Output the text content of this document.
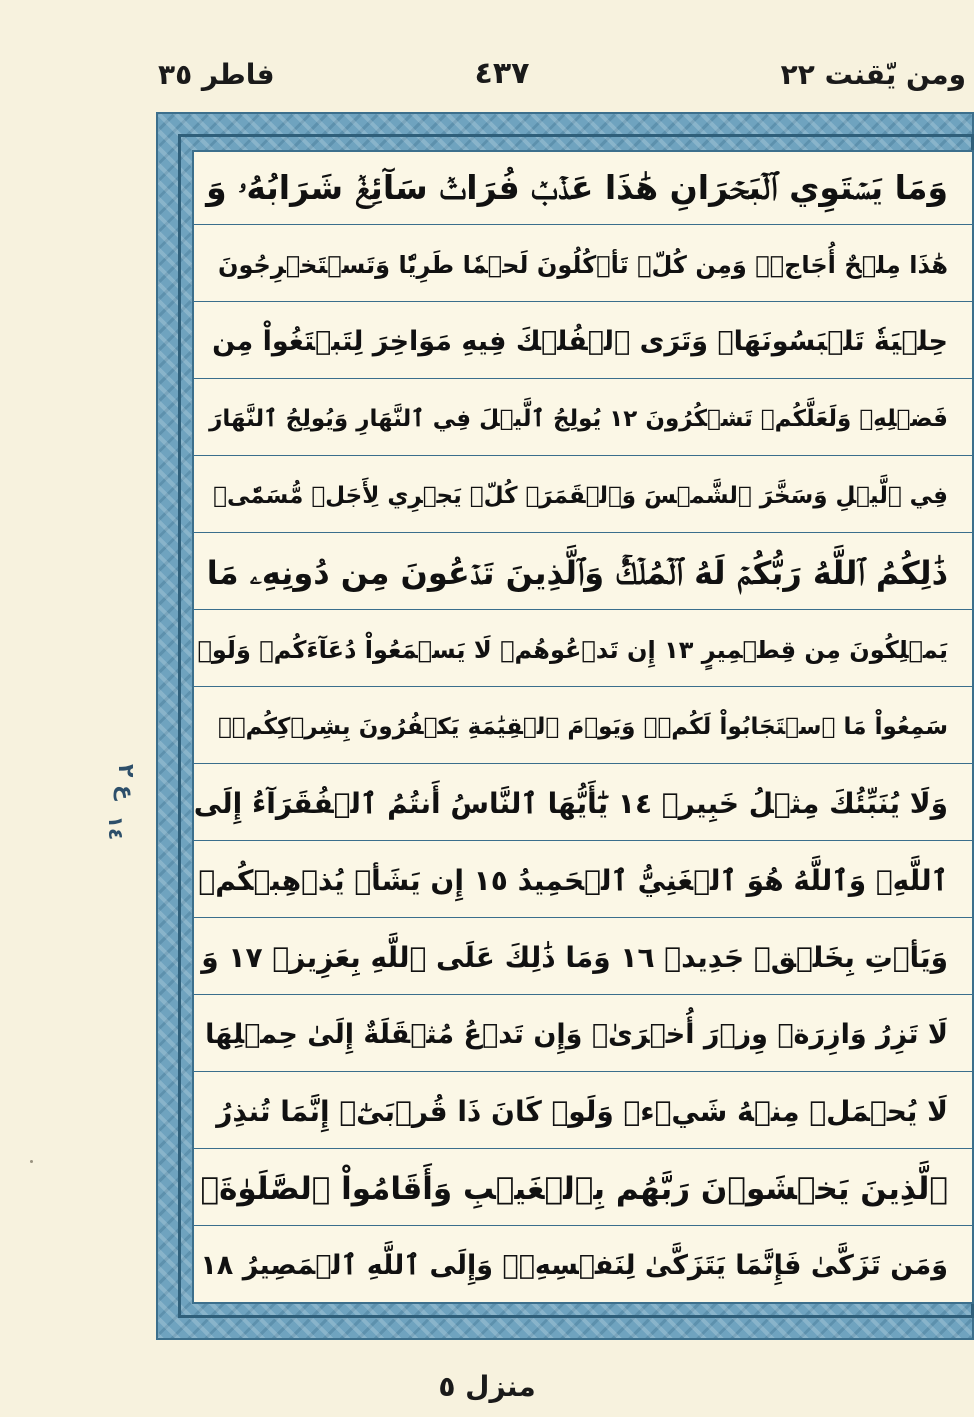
ومن يّقنت ٢٢
٤٣٧
فاطر ٣٥
وَمَا يَسۡتَوِي ٱلۡبَحۡرَانِ هَٰذَا عَذۡبٞ فُرَاتٞ سَآئِغٞ شَرَابُهُۥ وَ
هَٰذَا مِلۡحٌ أُجَاجٞۖ وَمِن كُلّٖ تَأۡكُلُونَ لَحۡمٗا طَرِيّٗا وَتَسۡتَخۡرِجُونَ
حِلۡيَةٗ تَلۡبَسُونَهَاۖ وَتَرَى ٱلۡفُلۡكَ فِيهِ مَوَاخِرَ لِتَبۡتَغُواْ مِن
فَضۡلِهِۦ وَلَعَلَّكُمۡ تَشۡكُرُونَ ١٢ يُولِجُ ٱلَّيۡلَ فِي ٱلنَّهَارِ وَيُولِجُ ٱلنَّهَارَ
فِي ٱلَّيۡلِ وَسَخَّرَ ٱلشَّمۡسَ وَٱلۡقَمَرَۖ كُلّٞ يَجۡرِي لِأَجَلٖ مُّسَمّٗىۚ
ذَٰلِكُمُ ٱللَّهُ رَبُّكُمۡ لَهُ ٱلۡمُلۡكُۚ وَٱلَّذِينَ تَدۡعُونَ مِن دُونِهِۦ مَا
يَمۡلِكُونَ مِن قِطۡمِيرٍ ١٣ إِن تَدۡعُوهُمۡ لَا يَسۡمَعُواْ دُعَآءَكُمۡ وَلَوۡ
سَمِعُواْ مَا ٱسۡتَجَابُواْ لَكُمۡۖ وَيَوۡمَ ٱلۡقِيَٰمَةِ يَكۡفُرُونَ بِشِرۡكِكُمۡۚ
وَلَا يُنَبِّئُكَ مِثۡلُ خَبِيرٖ ١٤ يَٰٓأَيُّهَا ٱلنَّاسُ أَنتُمُ ٱلۡفُقَرَآءُ إِلَى
ٱللَّهِۖ وَٱللَّهُ هُوَ ٱلۡغَنِيُّ ٱلۡحَمِيدُ ١٥ إِن يَشَأۡ يُذۡهِبۡكُمۡ
وَيَأۡتِ بِخَلۡقٖ جَدِيدٖ ١٦ وَمَا ذَٰلِكَ عَلَى ٱللَّهِ بِعَزِيزٖ ١٧ وَ
لَا تَزِرُ وَازِرَةٞ وِزۡرَ أُخۡرَىٰۚ وَإِن تَدۡعُ مُثۡقَلَةٌ إِلَىٰ حِمۡلِهَا
لَا يُحۡمَلۡ مِنۡهُ شَيۡءٞ وَلَوۡ كَانَ ذَا قُرۡبَىٰٓۗ إِنَّمَا تُنذِرُ
ٱلَّذِينَ يَخۡشَوۡنَ رَبَّهُم بِٱلۡغَيۡبِ وَأَقَامُواْ ٱلصَّلَوٰةَۚ
وَمَن تَزَكَّىٰ فَإِنَّمَا يَتَزَكَّىٰ لِنَفۡسِهِۦۚ وَإِلَى ٱللَّهِ ٱلۡمَصِيرُ ١٨
ع ٢
١٤
منزل ٥
